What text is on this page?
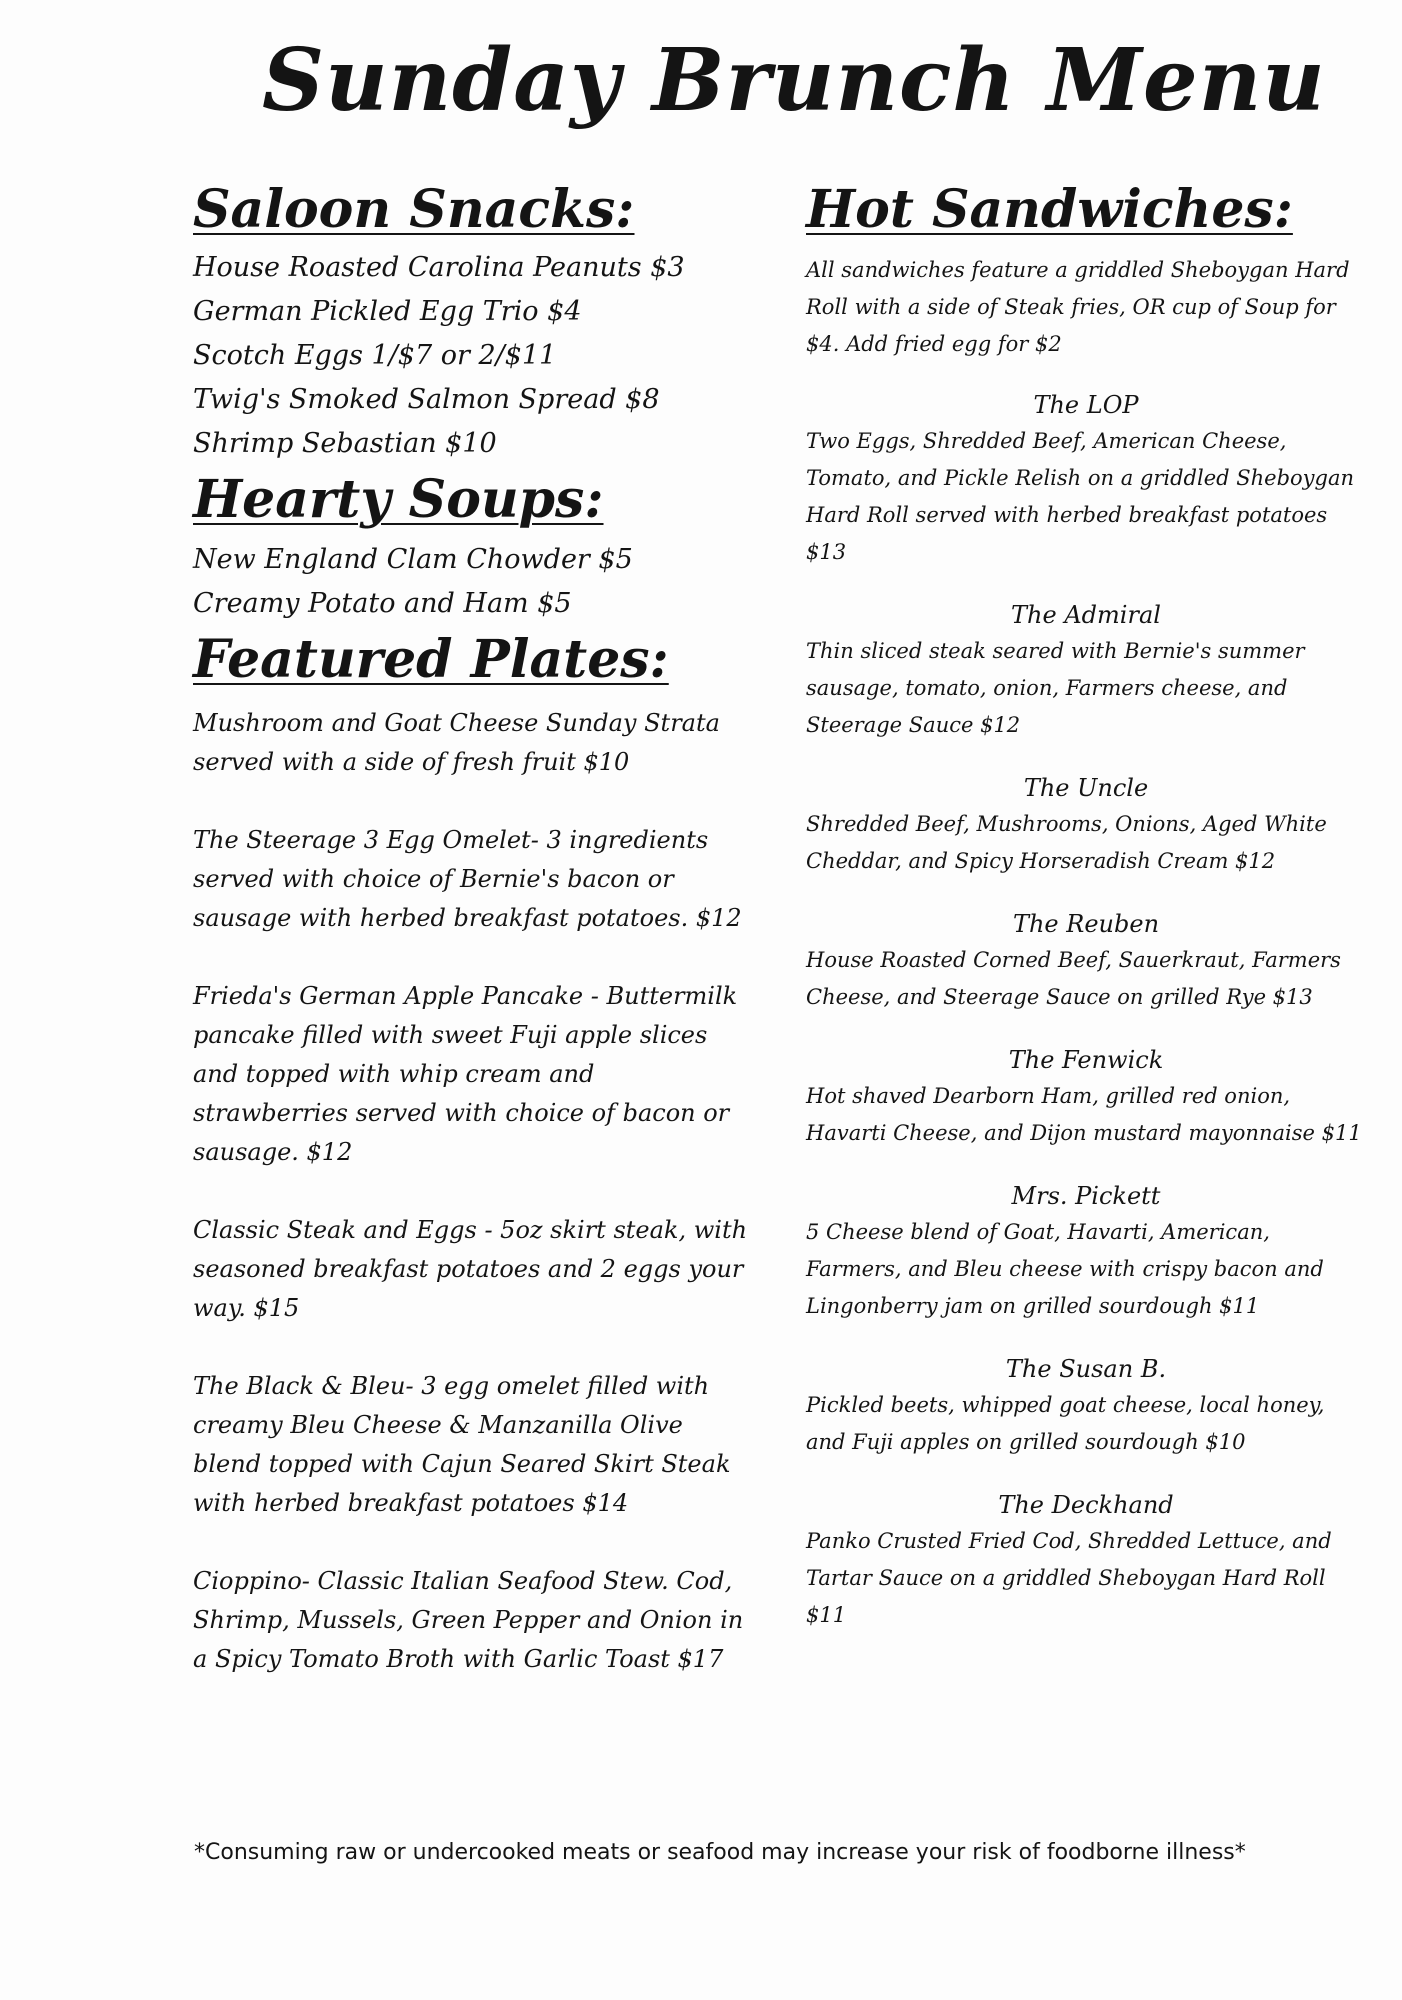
Sunday Brunch Menu
Saloon Snacks:
House Roasted Carolina Peanuts $3
German Pickled Egg Trio $4
Scotch Eggs 1/$7 or 2/$11
Twig's Smoked Salmon Spread $8
Shrimp Sebastian $10
Hearty Soups:
New England Clam Chowder $5
Creamy Potato and Ham $5
Featured Plates:

Mushroom and Goat Cheese Sunday Strata served with a side of fresh fruit $10

The Steerage 3 Egg Omelet- 3 ingredients served with choice of Bernie's bacon or sausage with herbed breakfast potatoes. $12

Frieda's German Apple Pancake - Buttermilk pancake filled with sweet Fuji apple slices and topped with whip cream and strawberries served with choice of bacon or sausage. $12

Classic Steak and Eggs - 5oz skirt steak, with seasoned breakfast potatoes and 2 eggs your way. $15

The Black & Bleu- 3 egg omelet filled with creamy Bleu Cheese & Manzanilla Olive blend topped with Cajun Seared Skirt Steak with herbed breakfast potatoes $14

Cioppino- Classic Italian Seafood Stew. Cod, Shrimp, Mussels, Green Pepper and Onion in a Spicy Tomato Broth with Garlic Toast $17

Hot Sandwiches:

All sandwiches feature a griddled Sheboygan Hard Roll with a side of Steak fries, OR cup of Soup for $4. Add fried egg for $2

The LOP
Two Eggs, Shredded Beef, American Cheese, Tomato, and Pickle Relish on a griddled Sheboygan Hard Roll served with herbed breakfast potatoes $13
The Admiral
Thin sliced steak seared with Bernie's summer sausage, tomato, onion, Farmers cheese, and Steerage Sauce $12
The Uncle
Shredded Beef, Mushrooms, Onions, Aged White Cheddar, and Spicy Horseradish Cream $12
The Reuben
House Roasted Corned Beef, Sauerkraut, Farmers Cheese, and Steerage Sauce on grilled Rye $13
The Fenwick
Hot shaved Dearborn Ham, grilled red onion, Havarti Cheese, and Dijon mustard mayonnaise $11
Mrs. Pickett
5 Cheese blend of Goat, Havarti, American, Farmers, and Bleu cheese with crispy bacon and Lingonberry jam on grilled sourdough $11
The Susan B.
Pickled beets, whipped goat cheese, local honey, and Fuji apples on grilled sourdough $10
The Deckhand
Panko Crusted Fried Cod, Shredded Lettuce, and Tartar Sauce on a griddled Sheboygan Hard Roll $11
*Consuming raw or undercooked meats or seafood may increase your risk of foodborne illness*
